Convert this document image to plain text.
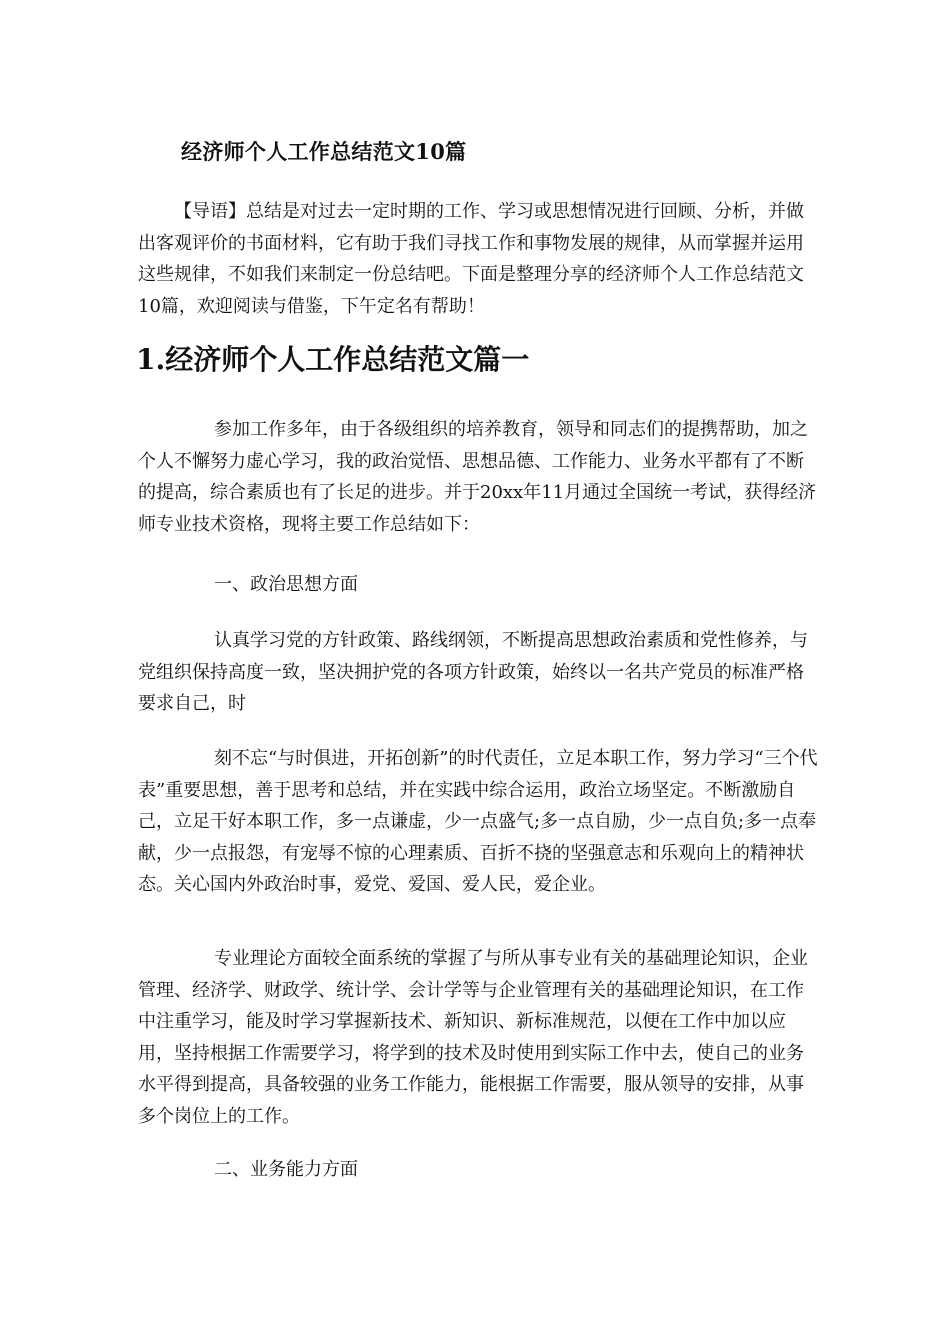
经济师个人工作总结范文10篇

【导语】总结是对过去一定时期的工作、学习或思想情况进行回顾、分析，并做出客观评价的书面材料，它有助于我们寻找工作和事物发展的规律，从而掌握并运用这些规律，不如我们来制定一份总结吧。下面是整理分享的经济师个人工作总结范文10篇，欢迎阅读与借鉴，下午定名有帮助！

1.经济师个人工作总结范文篇一

参加工作多年，由于各级组织的培养教育，领导和同志们的提携帮助，加之个人不懈努力虚心学习，我的政治觉悟、思想品德、工作能力、业务水平都有了不断的提高，综合素质也有了长足的进步。并于20xx年11月通过全国统一考试，获得经济师专业技术资格，现将主要工作总结如下：

一、政治思想方面

认真学习党的方针政策、路线纲领，不断提高思想政治素质和党性修养，与党组织保持高度一致，坚决拥护党的各项方针政策，始终以一名共产党员的标准严格要求自己，时

刻不忘“与时俱进，开拓创新”的时代责任，立足本职工作，努力学习“三个代表”重要思想，善于思考和总结，并在实践中综合运用，政治立场坚定。不断激励自己，立足干好本职工作，多一点谦虚，少一点盛气;多一点自励，少一点自负;多一点奉献，少一点报怨，有宠辱不惊的心理素质、百折不挠的坚强意志和乐观向上的精神状态。关心国内外政治时事，爱党、爱国、爱人民，爱企业。

专业理论方面较全面系统的掌握了与所从事专业有关的基础理论知识，企业管理、经济学、财政学、统计学、会计学等与企业管理有关的基础理论知识，在工作中注重学习，能及时学习掌握新技术、新知识、新标准规范，以便在工作中加以应用，坚持根据工作需要学习，将学到的技术及时使用到实际工作中去，使自己的业务水平得到提高，具备较强的业务工作能力，能根据工作需要，服从领导的安排，从事多个岗位上的工作。

二、业务能力方面
